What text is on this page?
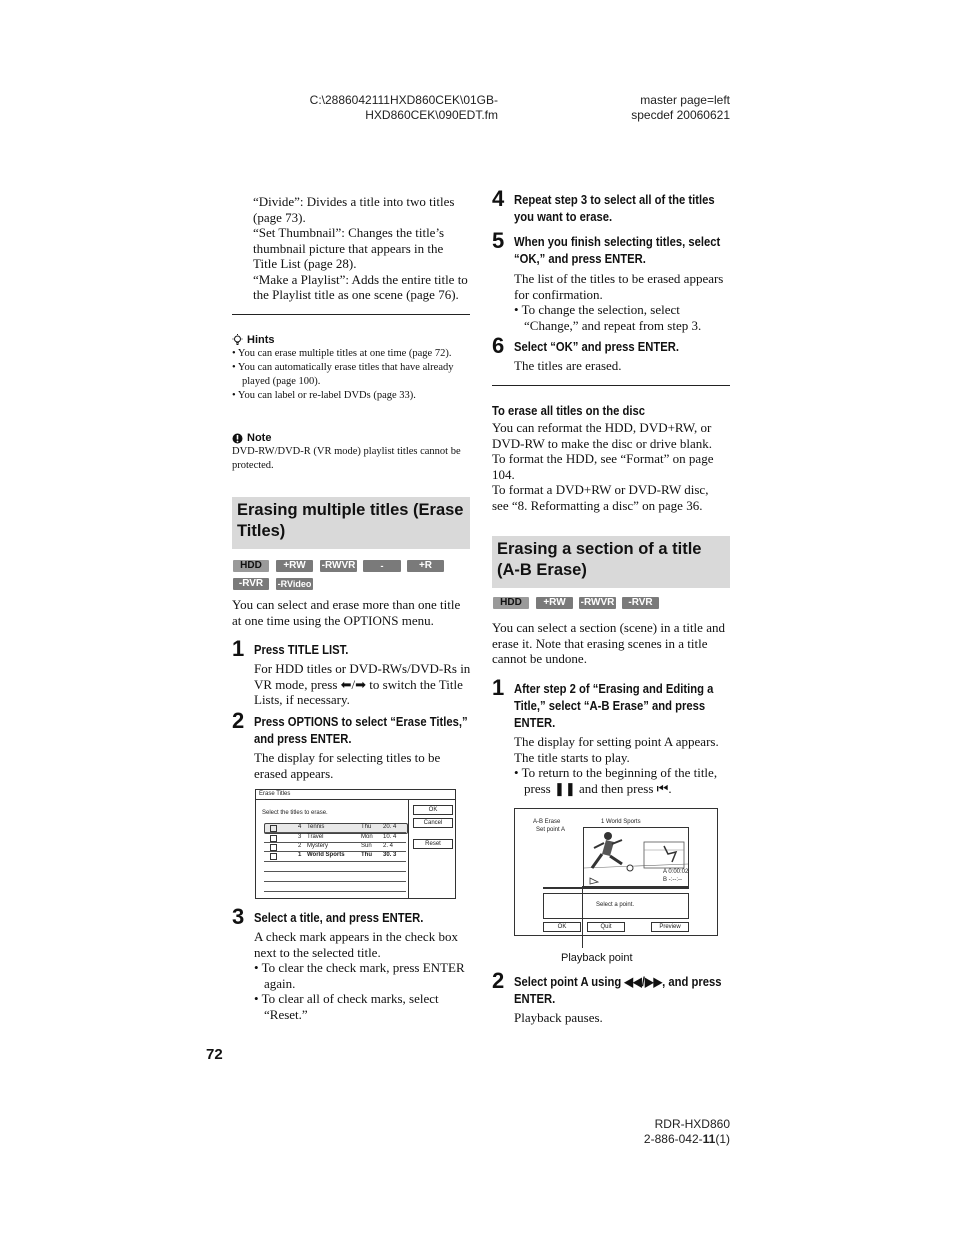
C:\2886042111HXD860CEK\01GB-
HXD860CEK\090EDT.fm
master page=left
specdef 20060621
“Divide”: Divides a title into two titles
(page 73).
“Set Thumbnail”: Changes the title’s
thumbnail picture that appears in the
Title List (page 28).
“Make a Playlist”: Adds the entire title to
the Playlist title as one scene (page 76).
Hints
• You can erase multiple titles at one time (page 72).
• You can automatically erase titles that have already played (page 100).
• You can label or re-label DVDs (page 33).
Note
DVD-RW/DVD-R (VR mode) playlist titles cannot be protected.
Erasing multiple titles (Erase
Titles)
HDD	+RW	-RWVR	-RWVideo
+R
-RVR	-RVideo
You can select and erase more than one title at one time using the OPTIONS menu.
1 Press TITLE LIST.
For HDD titles or DVD-RWs/DVD-Rs in VR mode, press ⬅/➡ to switch the Title Lists, if necessary.
2 Press OPTIONS to select “Erase Titles,” and press ENTER.
The display for selecting titles to be erased appears.
Erase Titles
Select the titles to erase.	OK
Cancel
Reset
4 Tennis	Thu 20. 4
3 Travel	Mon 10. 4
2 Mystery	Sun 2. 4
1 World Sports	Thu 30. 3
3 Select a title, and press ENTER.
A check mark appears in the check box next to the selected title.
• To clear the check mark, press ENTER again.
• To clear all of check marks, select “Reset.”
4 Repeat step 3 to select all of the titles you want to erase.
5 When you finish selecting titles, select “OK,” and press ENTER.
The list of the titles to be erased appears for confirmation.
• To change the selection, select “Change,” and repeat from step 3.
6 Select “OK” and press ENTER.
The titles are erased.
To erase all titles on the disc
You can reformat the HDD, DVD+RW, or DVD-RW to make the disc or drive blank.
To format the HDD, see “Format” on page 104.
To format a DVD+RW or DVD-RW disc, see “8. Reformatting a disc” on page 36.
Erasing a section of a title
(A-B Erase)
HDD	+RW	-RWVR	-RVR
You can select a section (scene) in a title and erase it. Note that erasing scenes in a title cannot be undone.
1 After step 2 of “Erasing and Editing a Title,” select “A-B Erase” and press ENTER.
The display for setting point A appears. The title starts to play.
• To return to the beginning of the title, press ❚❚ and then press ⏮.
A-B Erase
Set point A
1 World Sports
A 0:00:02
B -:--:--
Select a point.
OK	Quit	Preview
Playback point
2 Select point A using ◀◀/▶▶, and press ENTER.
Playback pauses.
72
RDR-HXD860
2-886-042-11(1)
